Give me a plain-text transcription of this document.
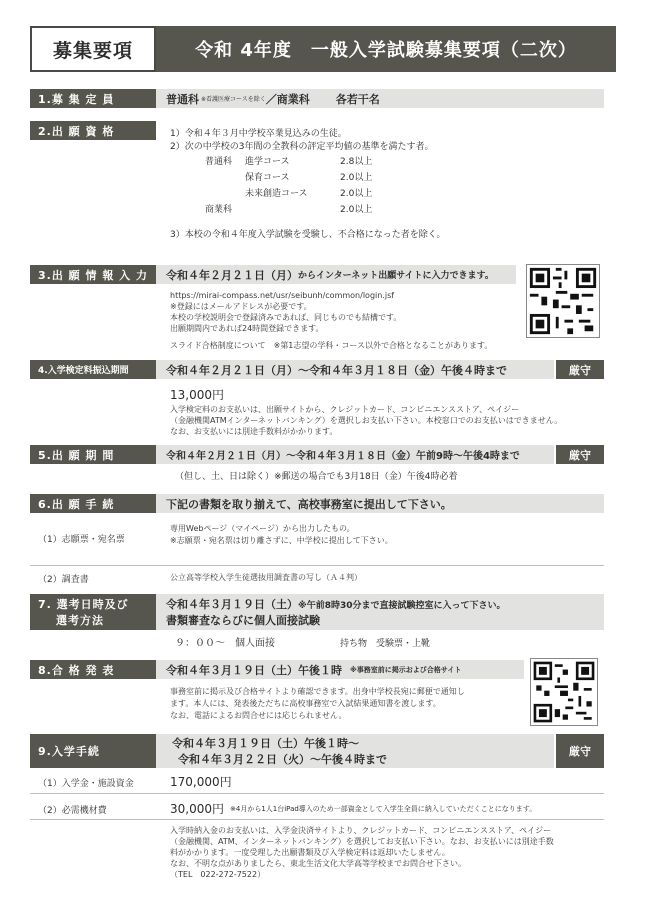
募集要項	令和 4年度　一般入学試験募集要項（二次）
1.募 集 定 員	普通科 ※看護医療コースを除く ／ 商業科 各若干名
2.出 願 資 格	1）令和４年３月中学校卒業見込みの生徒。
2）次の中学校の3年間の全教科の評定平均値の基準を満たす者。
普通科	進学コース	2.8以上
保育コース	2.0以上
未来創造コース	2.0以上
商業科	2.0以上
3）本校の令和４年度入学試験を受験し、不合格になった者を除く。
3.出 願 情 報 入 力	令和４年２月２１日（月） からインターネット出願サイトに入力できます。
https://mirai-compass.net/usr/seibunh/common/login.jsf
※登録にはメールアドレスが必要です。
本校の学校説明会で登録済みであれば、同じものでも結構です。
出願期間内であれば24時間登録できます。
スライド合格制度について　 ※第1志望の学科・コース以外で合格となることがあります。
4.入学検定料振込期間	令和４年２月２１日（月）～令和４年３月１８日（金）午後４時まで	厳守
13,000円
入学検定料のお支払いは、出願サイトから、クレジットカード、コンビニエンスストア、ペイジー
（金融機関ATMインターネットバンキング）を選択しお支払い下さい。本校窓口でのお支払いはできません。
なお、お支払いには別途手数料がかかります。
5.出 願 期 間	令和４年２月２１日（月）～令和４年３月１８日（金）午前9時～午後4時まで	厳守
（但し、土、日は除く）※郵送の場合でも3月18日（金）午後4時必着
6.出 願 手 続	下記の書類を取り揃えて、高校事務室に提出して下さい。
（1）志願票・宛名票
専用Webページ（マイページ）から出力したもの。
※志願票・宛名票は切り離さずに、中学校に提出して下さい。
（2）調査書	公立高等学校入学生徒選抜用調査書の写し（Ａ４判）
7. 選考日時及び
選考方法
令和４年３月１９日（土）※午前8時30分まで直接試験控室に入って下さい。
書類審査ならびに個人面接試験
９：００～　個人面接	持ち物　受験票・上靴
8.合 格 発 表	令和４年３月１９日（土）午後１時 ※事務室前に掲示および合格サイト
事務室前に掲示及び合格サイトより確認できます。出身中学校長宛に郵便で通知し
ます。本人には、発表後ただちに高校事務室で入試結果通知書を渡します。
なお、電話によるお問合せには応じられません。
9.入学手続
令和４年３月１９日（土）午後１時～
令和４年３月２２日（火）～午後４時まで
厳守
（1）入学金・施設資金	170,000円
（2）必需機材費	30,000円 ※4月から1人1台iPad導入のため一部資金として入学生全員に納入していただくことになります。
入学時納入金のお支払いは、入学金決済サイトより、クレジットカード、コンビニエンスストア、ペイジー
（金融機関、ATM、インターネットバンキング）を選択してお支払い下さい。なお、お支払いには別途手数
料がかかります。一度受理した出願書類及び入学検定料は返却いたしません。
なお、不明な点がありましたら、東北生活文化大学高等学校までお問合せ下さい。
（TEL　022-272-7522）
